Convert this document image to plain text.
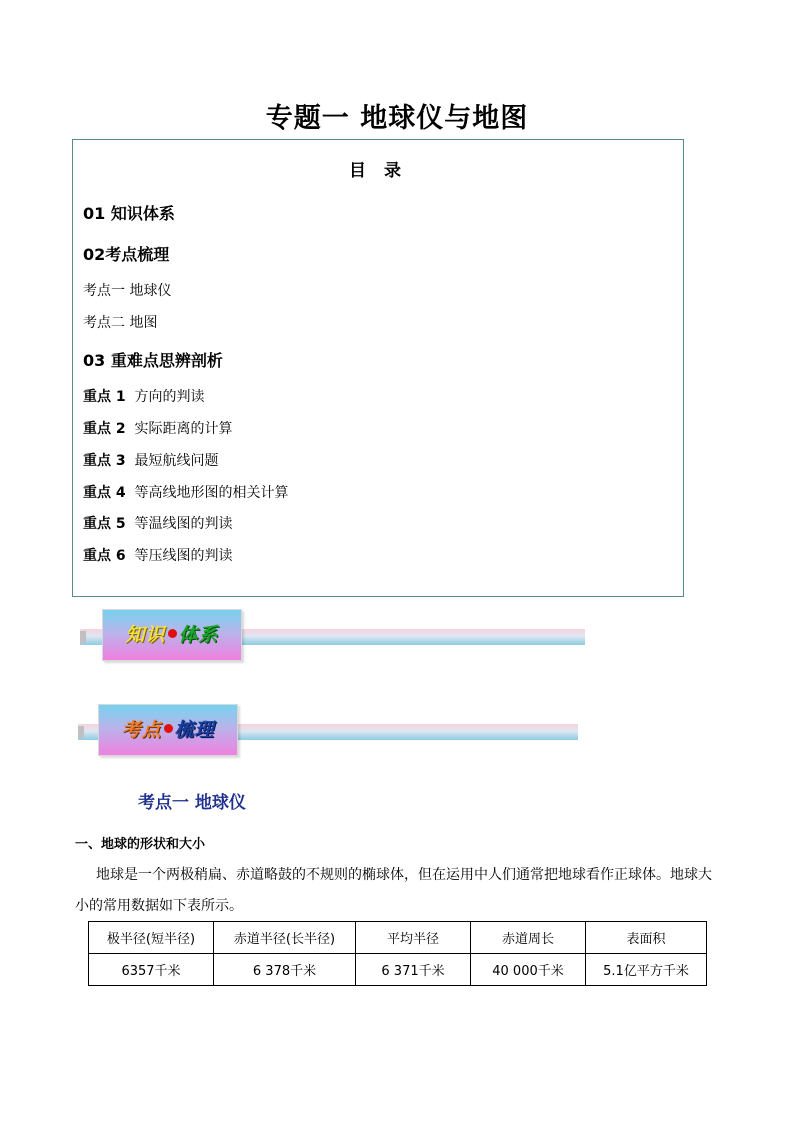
专题一 地球仪与地图
目 录
01 知识体系
02考点梳理
考点一 地球仪
考点二 地图
03 重难点思辨剖析
重点 1 方向的判读
重点 2 实际距离的计算
重点 3 最短航线问题
重点 4 等高线地形图的相关计算
重点 5 等温线图的判读
重点 6 等压线图的判读
知识 体系
考点 梳理
考点一 地球仪
一、地球的形状和大小
地球是一个两极稍扁、赤道略鼓的不规则的椭球体，但在运用中人们通常把地球看作正球体。地球大小的常用数据如下表所示。
极半径(短半径)	赤道半径(长半径)	平均半径	赤道周长	表面积
6357千米	6 378千米	6 371千米	40 000千米	5.1亿平方千米
